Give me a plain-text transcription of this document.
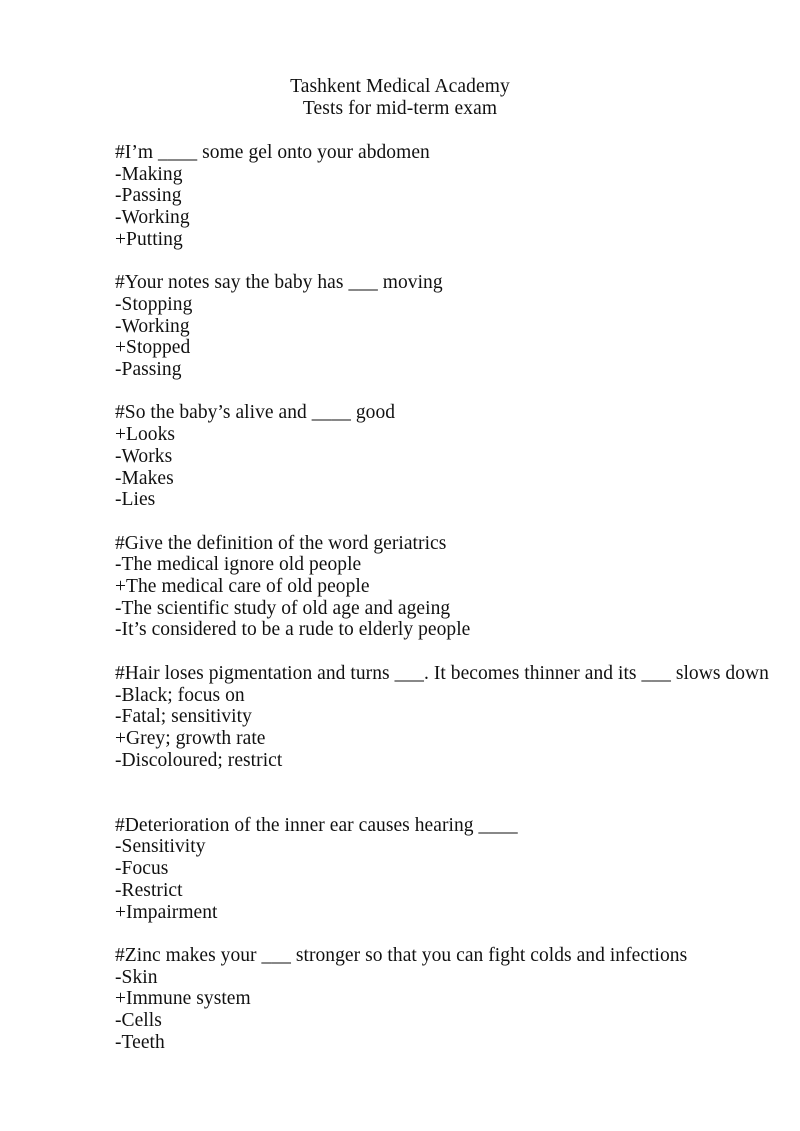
Tashkent Medical Academy
Tests for mid-term exam
#I’m ____ some gel onto your abdomen
-Making
-Passing
-Working
+Putting
#Your notes say the baby has ___ moving
-Stopping
-Working
+Stopped
-Passing
#So the baby’s alive and ____ good
+Looks
-Works
-Makes
-Lies
#Give the definition of the word geriatrics
-The medical ignore old people
+The medical care of old people
-The scientific study of old age and ageing
-It’s considered to be a rude to elderly people
#Hair loses pigmentation and turns ___. It becomes thinner and its ___ slows down
-Black; focus on
-Fatal; sensitivity
+Grey; growth rate
-Discoloured; restrict
#Deterioration of the inner ear causes hearing ____
-Sensitivity
-Focus
-Restrict
+Impairment
#Zinc makes your ___ stronger so that you can fight colds and infections
-Skin
+Immune system
-Cells
-Teeth
